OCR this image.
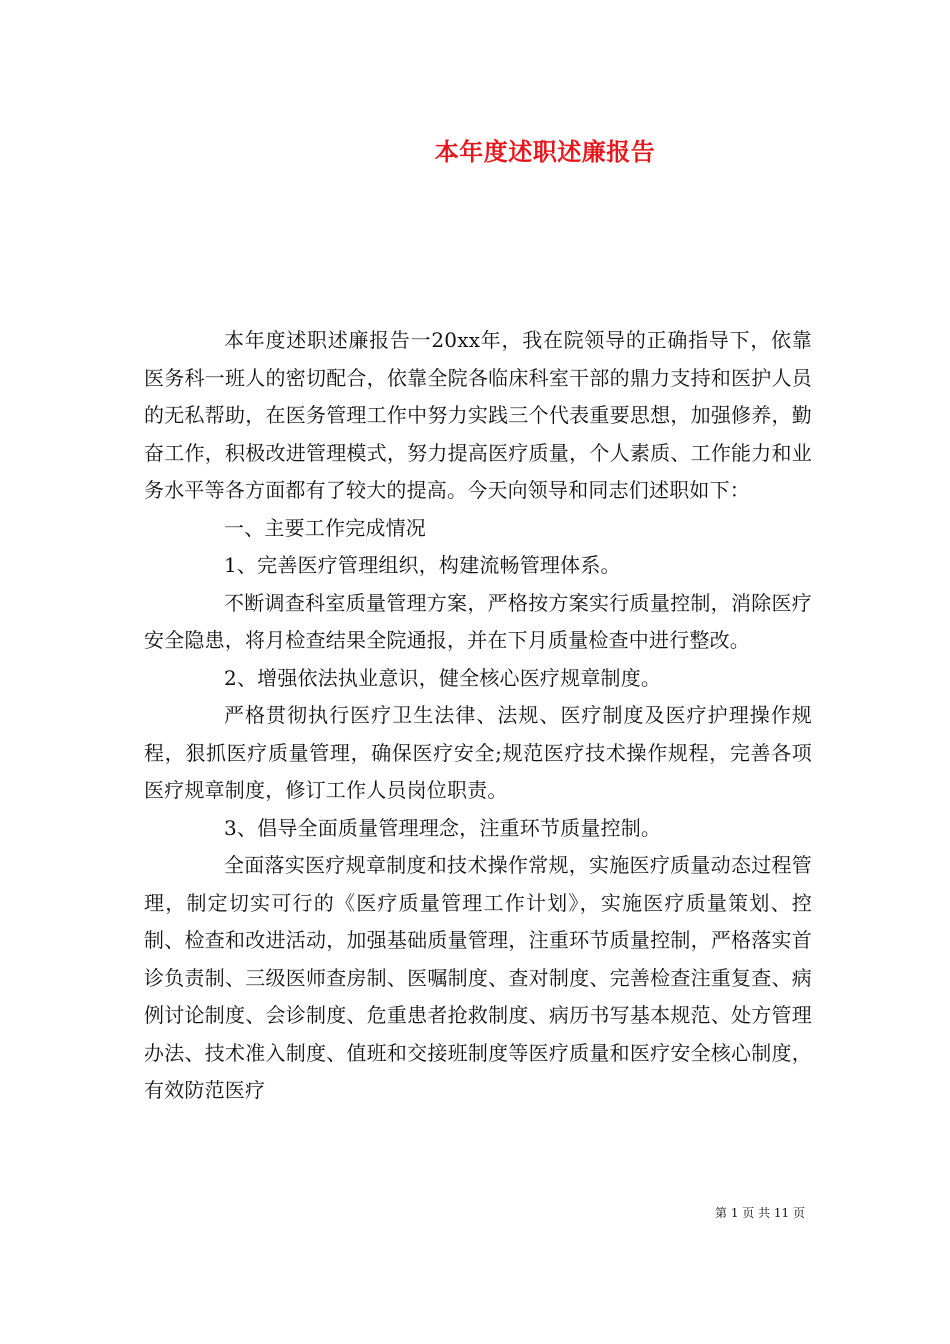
本年度述职述廉报告

本年度述职述廉报告一20xx年，我在院领导的正确指导下，依靠医务科一班人的密切配合，依靠全院各临床科室干部的鼎力支持和医护人员的无私帮助，在医务管理工作中努力实践三个代表重要思想，加强修养，勤奋工作，积极改进管理模式，努力提高医疗质量，个人素质、工作能力和业务水平等各方面都有了较大的提高。今天向领导和同志们述职如下：

一、主要工作完成情况

1、完善医疗管理组织，构建流畅管理体系。

不断调查科室质量管理方案，严格按方案实行质量控制，消除医疗安全隐患，将月检查结果全院通报，并在下月质量检查中进行整改。

2、增强依法执业意识，健全核心医疗规章制度。

严格贯彻执行医疗卫生法律、法规、医疗制度及医疗护理操作规程，狠抓医疗质量管理，确保医疗安全;规范医疗技术操作规程，完善各项医疗规章制度，修订工作人员岗位职责。

3、倡导全面质量管理理念，注重环节质量控制。

全面落实医疗规章制度和技术操作常规，实施医疗质量动态过程管理，制定切实可行的《医疗质量管理工作计划》，实施医疗质量策划、控制、检查和改进活动，加强基础质量管理，注重环节质量控制，严格落实首诊负责制、三级医师查房制、医嘱制度、查对制度、完善检查注重复查、病例讨论制度、会诊制度、危重患者抢救制度、病历书写基本规范、处方管理办法、技术准入制度、值班和交接班制度等医疗质量和医疗安全核心制度，有效防范医疗

第 1 页 共 11 页
